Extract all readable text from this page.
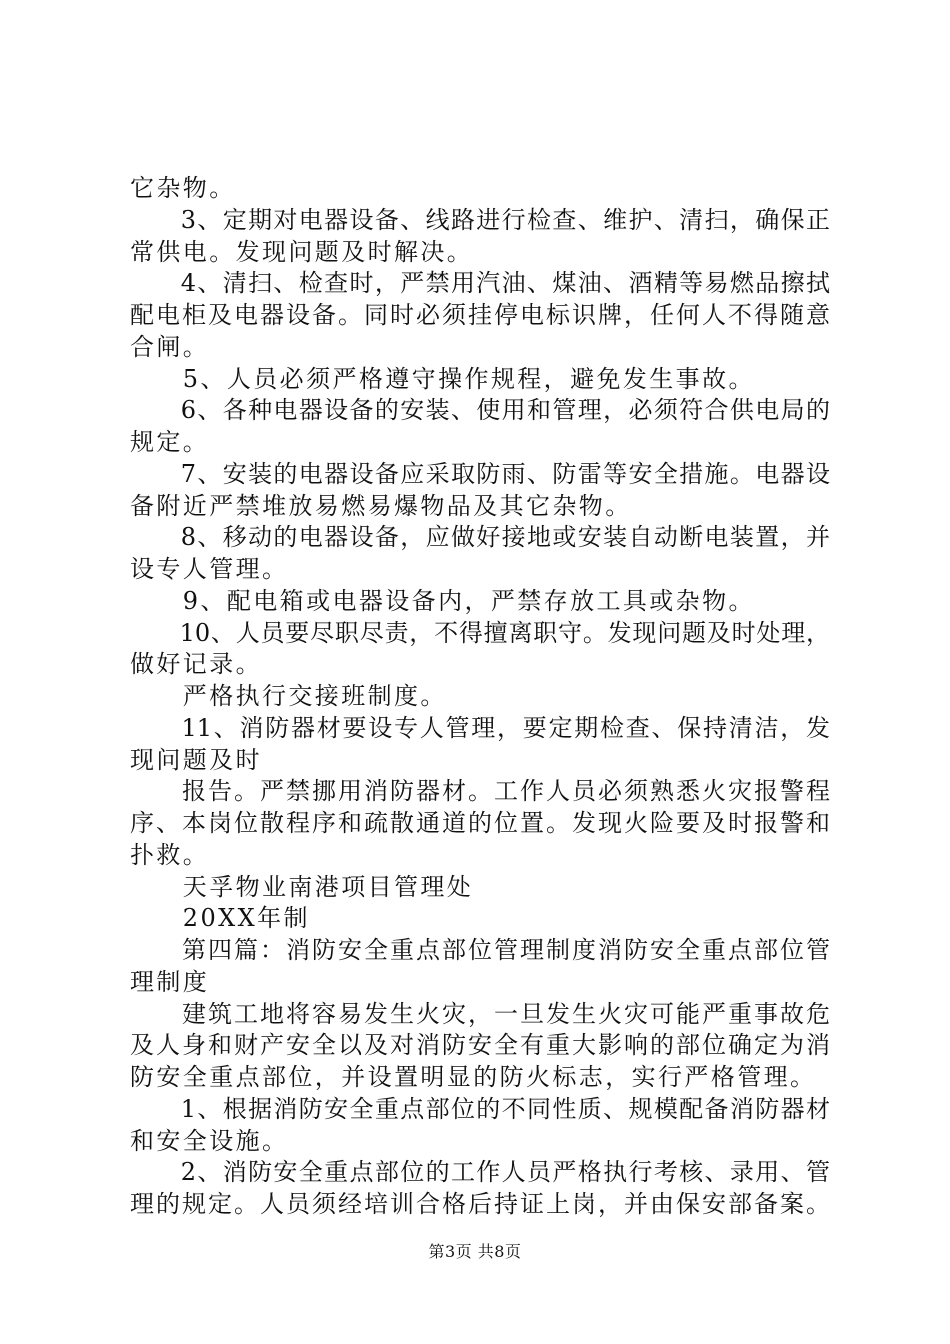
它杂物。
　　3、定期对电器设备、线路进行检查、维护、清扫，确保正
常供电。发现问题及时解决。
　　4、清扫、检查时，严禁用汽油、煤油、酒精等易燃品擦拭
配电柜及电器设备。同时必须挂停电标识牌，任何人不得随意
合闸。
　　5、人员必须严格遵守操作规程，避免发生事故。
　　6、各种电器设备的安装、使用和管理，必须符合供电局的
规定。
　　7、安装的电器设备应采取防雨、防雷等安全措施。电器设
备附近严禁堆放易燃易爆物品及其它杂物。
　　8、移动的电器设备，应做好接地或安装自动断电装置，并
设专人管理。
　　9、配电箱或电器设备内，严禁存放工具或杂物。
　　10、人员要尽职尽责，不得擅离职守。发现问题及时处理，
做好记录。
　　严格执行交接班制度。
　　11、消防器材要设专人管理，要定期检查、保持清洁，发
现问题及时
　　报告。严禁挪用消防器材。工作人员必须熟悉火灾报警程
序、本岗位散程序和疏散通道的位置。发现火险要及时报警和
扑救。
　　天孚物业南港项目管理处
　　20XX年制
　　第四篇：消防安全重点部位管理制度消防安全重点部位管
理制度
　　建筑工地将容易发生火灾，一旦发生火灾可能严重事故危
及人身和财产安全以及对消防安全有重大影响的部位确定为消
防安全重点部位，并设置明显的防火标志，实行严格管理。
　　1、根据消防安全重点部位的不同性质、规模配备消防器材
和安全设施。
　　2、消防安全重点部位的工作人员严格执行考核、录用、管
理的规定。人员须经培训合格后持证上岗，并由保安部备案。
第3页 共8页
